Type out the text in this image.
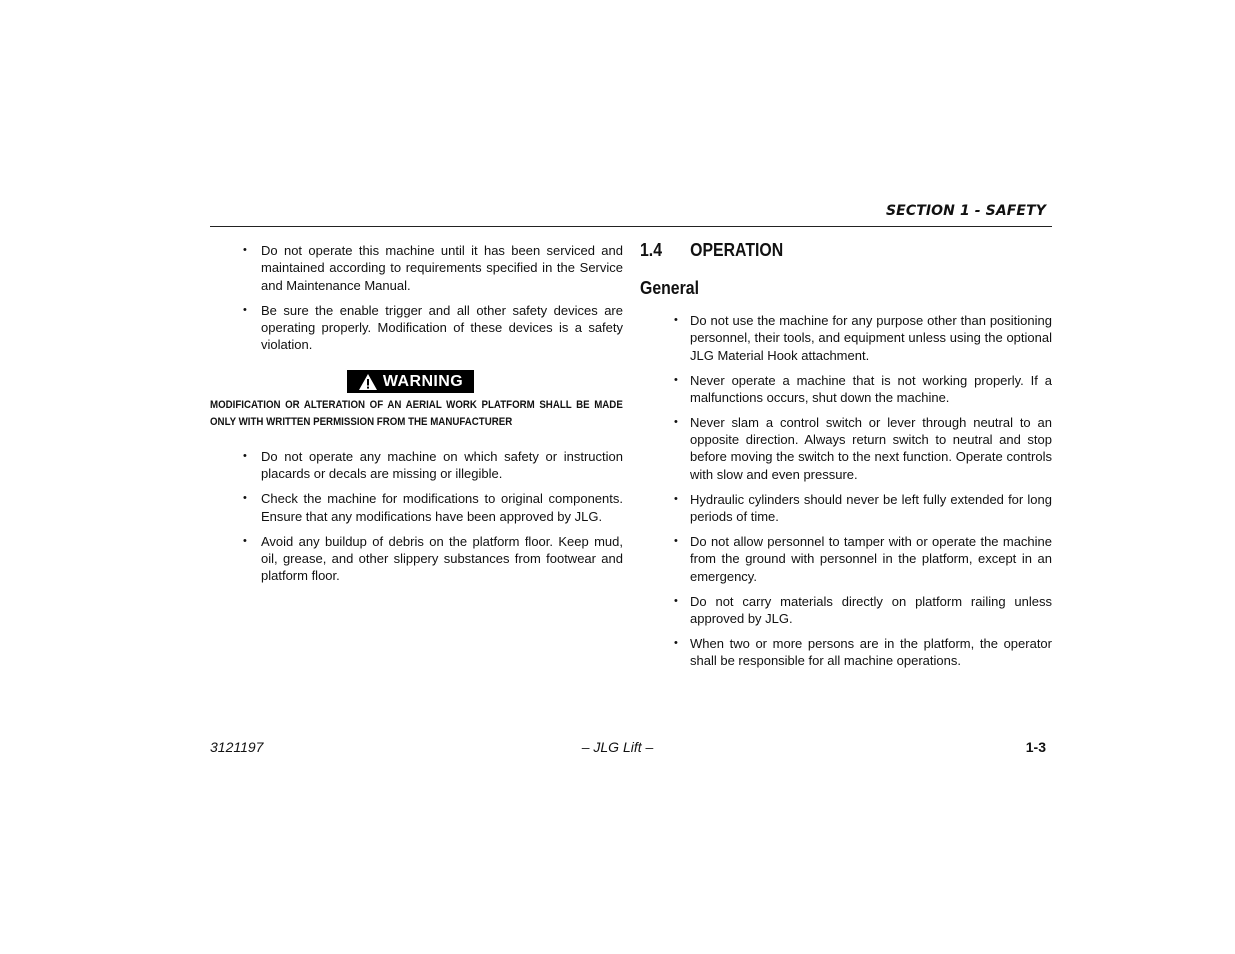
SECTION 1 - SAFETY
• Do not operate this machine until it has been serviced and maintained according to requirements specified in the Service and Maintenance Manual.
• Be sure the enable trigger and all other safety devices are operating properly. Modification of these devices is a safety violation.
WARNING
MODIFICATION OR ALTERATION OF AN AERIAL WORK PLATFORM SHALL BE MADE ONLY WITH WRITTEN PERMISSION FROM THE MANUFACTURER
• Do not operate any machine on which safety or instruction placards or decals are missing or illegible.
• Check the machine for modifications to original components. Ensure that any modifications have been approved by JLG.
• Avoid any buildup of debris on the platform floor. Keep mud, oil, grease, and other slippery substances from footwear and platform floor.
1.4 OPERATION
General
• Do not use the machine for any purpose other than positioning personnel, their tools, and equipment unless using the optional JLG Material Hook attachment.
• Never operate a machine that is not working properly. If a malfunctions occurs, shut down the machine.
• Never slam a control switch or lever through neutral to an opposite direction. Always return switch to neutral and stop before moving the switch to the next function. Operate controls with slow and even pressure.
• Hydraulic cylinders should never be left fully extended for long periods of time.
• Do not allow personnel to tamper with or operate the machine from the ground with personnel in the platform, except in an emergency.
• Do not carry materials directly on platform railing unless approved by JLG.
• When two or more persons are in the platform, the operator shall be responsible for all machine operations.
3121197	– JLG Lift –	1-3
